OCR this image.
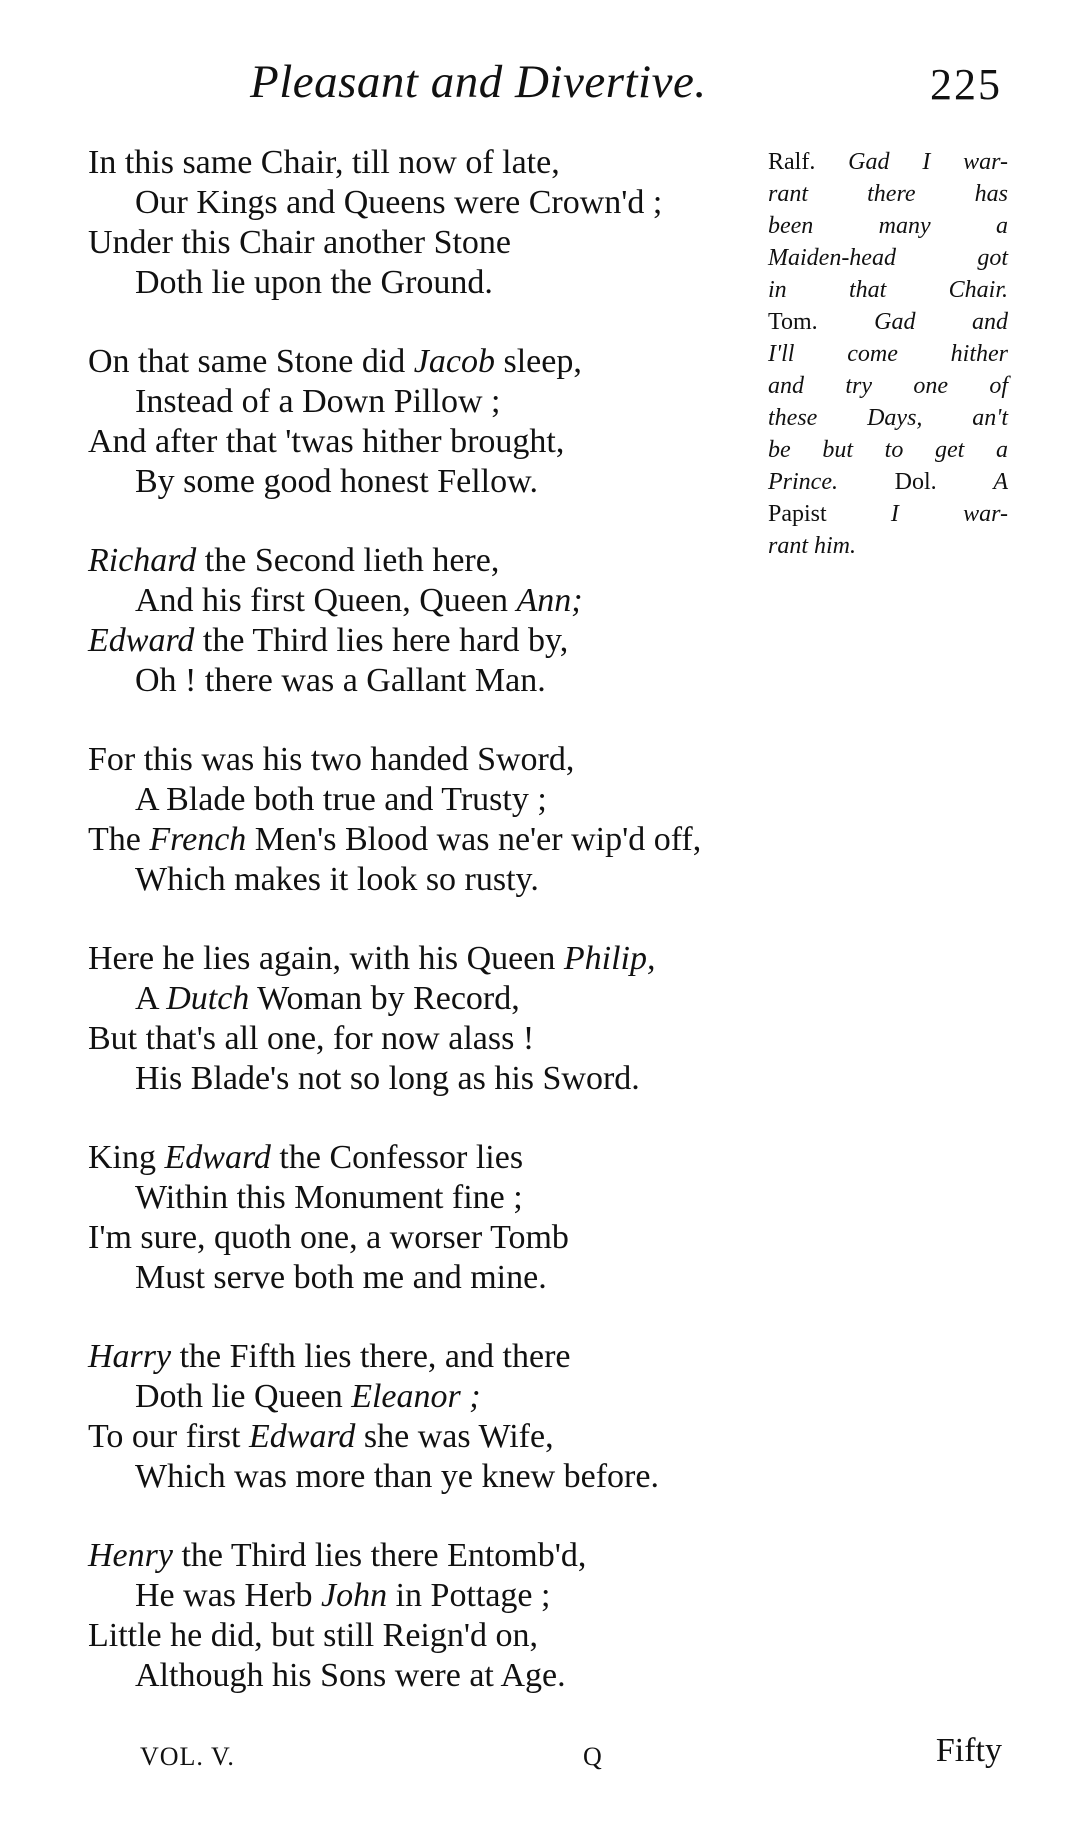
Pleasant and Divertive.	225
In this same Chair, till now of late,
Our Kings and Queens were Crown'd ;
Under this Chair another Stone
Doth lie upon the Ground.
On that same Stone did Jacob sleep,
Instead of a Down Pillow ;
And after that 'twas hither brought,
By some good honest Fellow.
Richard the Second lieth here,
And his first Queen, Queen Ann;
Edward the Third lies here hard by,
Oh ! there was a Gallant Man.
For this was his two handed Sword,
A Blade both true and Trusty ;
The French Men's Blood was ne'er wip'd off,
Which makes it look so rusty.
Here he lies again, with his Queen Philip,
A Dutch Woman by Record,
But that's all one, for now alass !
His Blade's not so long as his Sword.
King Edward the Confessor lies
Within this Monument fine ;
I'm sure, quoth one, a worser Tomb
Must serve both me and mine.
Harry the Fifth lies there, and there
Doth lie Queen Eleanor ;
To our first Edward she was Wife,
Which was more than ye knew before.
Henry the Third lies there Entomb'd,
He was Herb John in Pottage ;
Little he did, but still Reign'd on,
Although his Sons were at Age.
Ralf. Gad I war-
rant there has
been many a
Maiden-head got
in that Chair.
Tom. Gad and
I'll come hither
and try one of
these Days, an't
be but to get a
Prince. Dol. A
Papist I war-
rant him.
VOL. V.	Q	Fifty
